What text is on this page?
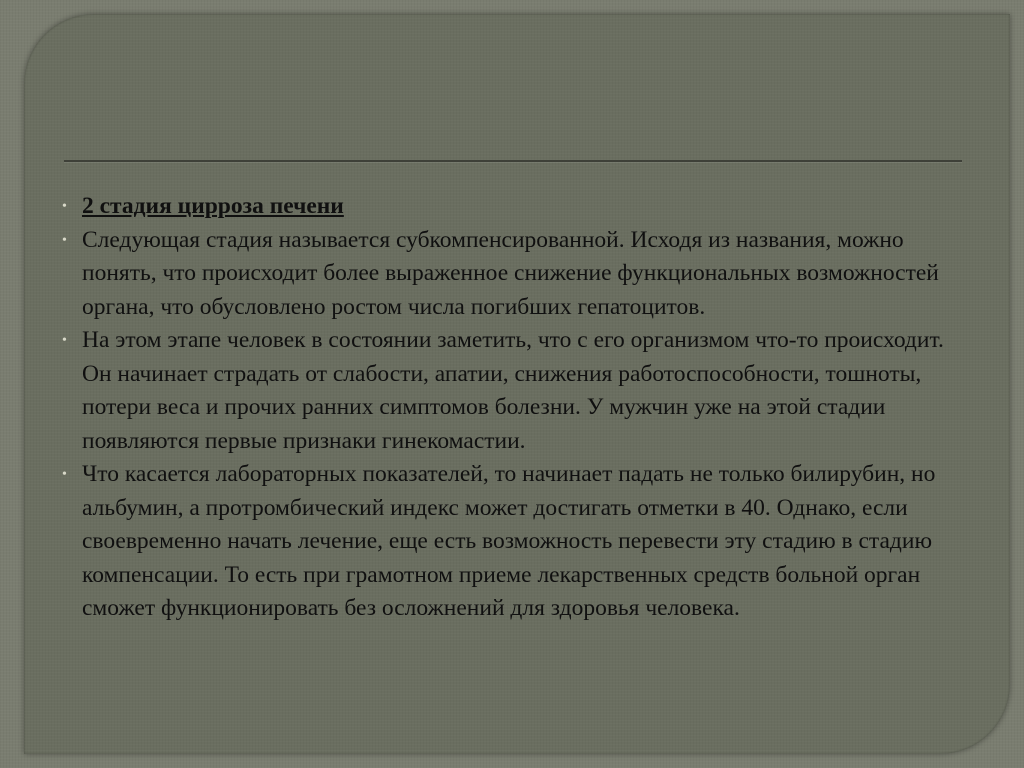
• 2 стадия цирроза печени
• Следующая стадия называется субкомпенсированной. Исходя из названия, можно понять, что происходит более выраженное снижение функциональных возможностей органа, что обусловлено ростом числа погибших гепатоцитов.
• На этом этапе человек в состоянии заметить, что с его организмом что-то происходит. Он начинает страдать от слабости, апатии, снижения работоспособности, тошноты, потери веса и прочих ранних симптомов болезни. У мужчин уже на этой стадии появляются первые признаки гинекомастии.
• Что касается лабораторных показателей, то начинает падать не только билирубин, но альбумин, а протромбический индекс может достигать отметки в 40. Однако, если своевременно начать лечение, еще есть возможность перевести эту стадию в стадию компенсации. То есть при грамотном приеме лекарственных средств больной орган сможет функционировать без осложнений для здоровья человека.
